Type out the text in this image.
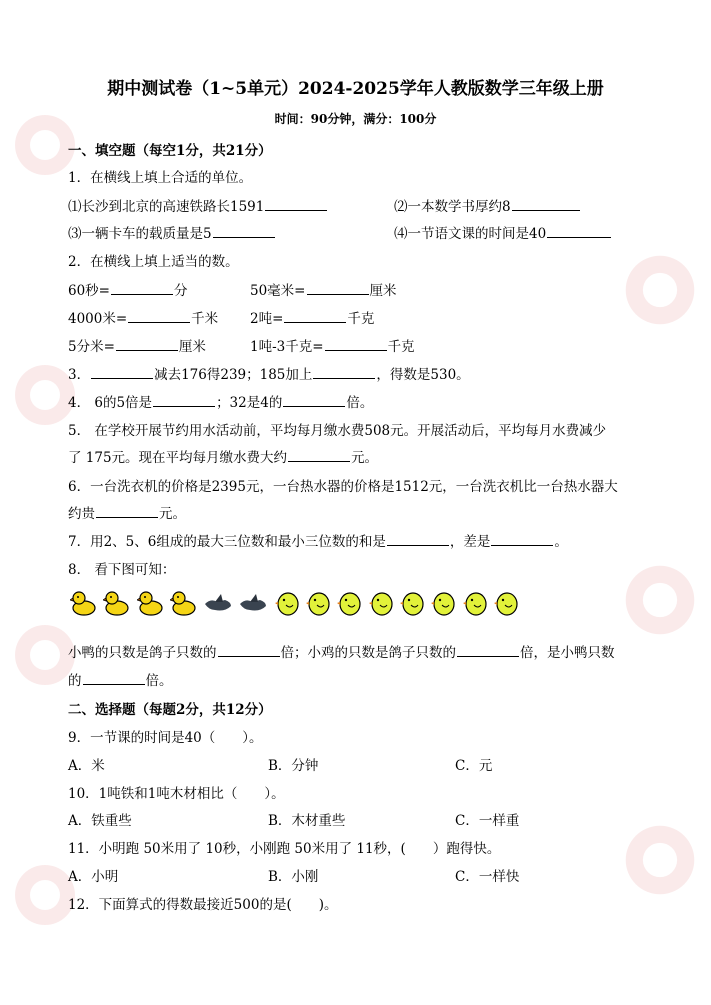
期中测试卷（1~5单元）2024-2025学年人教版数学三年级上册
时间：90分钟，满分：100分
一、填空题（每空1分，共21分）
1．在横线上填上合适的单位。
⑴长沙到北京的高速铁路长1591	⑵一本数学书厚约8
⑶一辆卡车的载质量是5	⑷一节语文课的时间是40
2．在横线上填上适当的数。
60秒=	分	50毫米=	厘米
4000米=	千米 2吨=	千克
5分米=	厘米	1吨-3千克=	千克
3．	减去176得239；185加上	，得数是530。
4． 6的5倍是	；32是4的	倍。
5． 在学校开展节约用水活动前，平均每月缴水费508元。开展活动后，平均每月水费减少
了 175元。现在平均每月缴水费大约	元。
6．一台洗衣机的价格是2395元，一台热水器的价格是1512元，一台洗衣机比一台热水器大
约贵	元。
7．用2、5、6组成的最大三位数和最小三位数的和是	，差是	。
8． 看下图可知：

小鸭的只数是鸽子只数的	倍；小鸡的只数是鸽子只数的	倍，是小鸭只数
的	倍。
二、选择题（每题2分，共12分）
9．一节课的时间是40（　　）。
A．米	B．分钟	C．元
10．1吨铁和1吨木材相比（　　）。
A．铁重些	B．木材重些	C．一样重
11．小明跑 50米用了 10秒，小刚跑 50米用了 11秒，(　　）跑得快。
A．小明	B．小刚	C．一样快
12．下面算式的得数最接近500的是(　　)。
